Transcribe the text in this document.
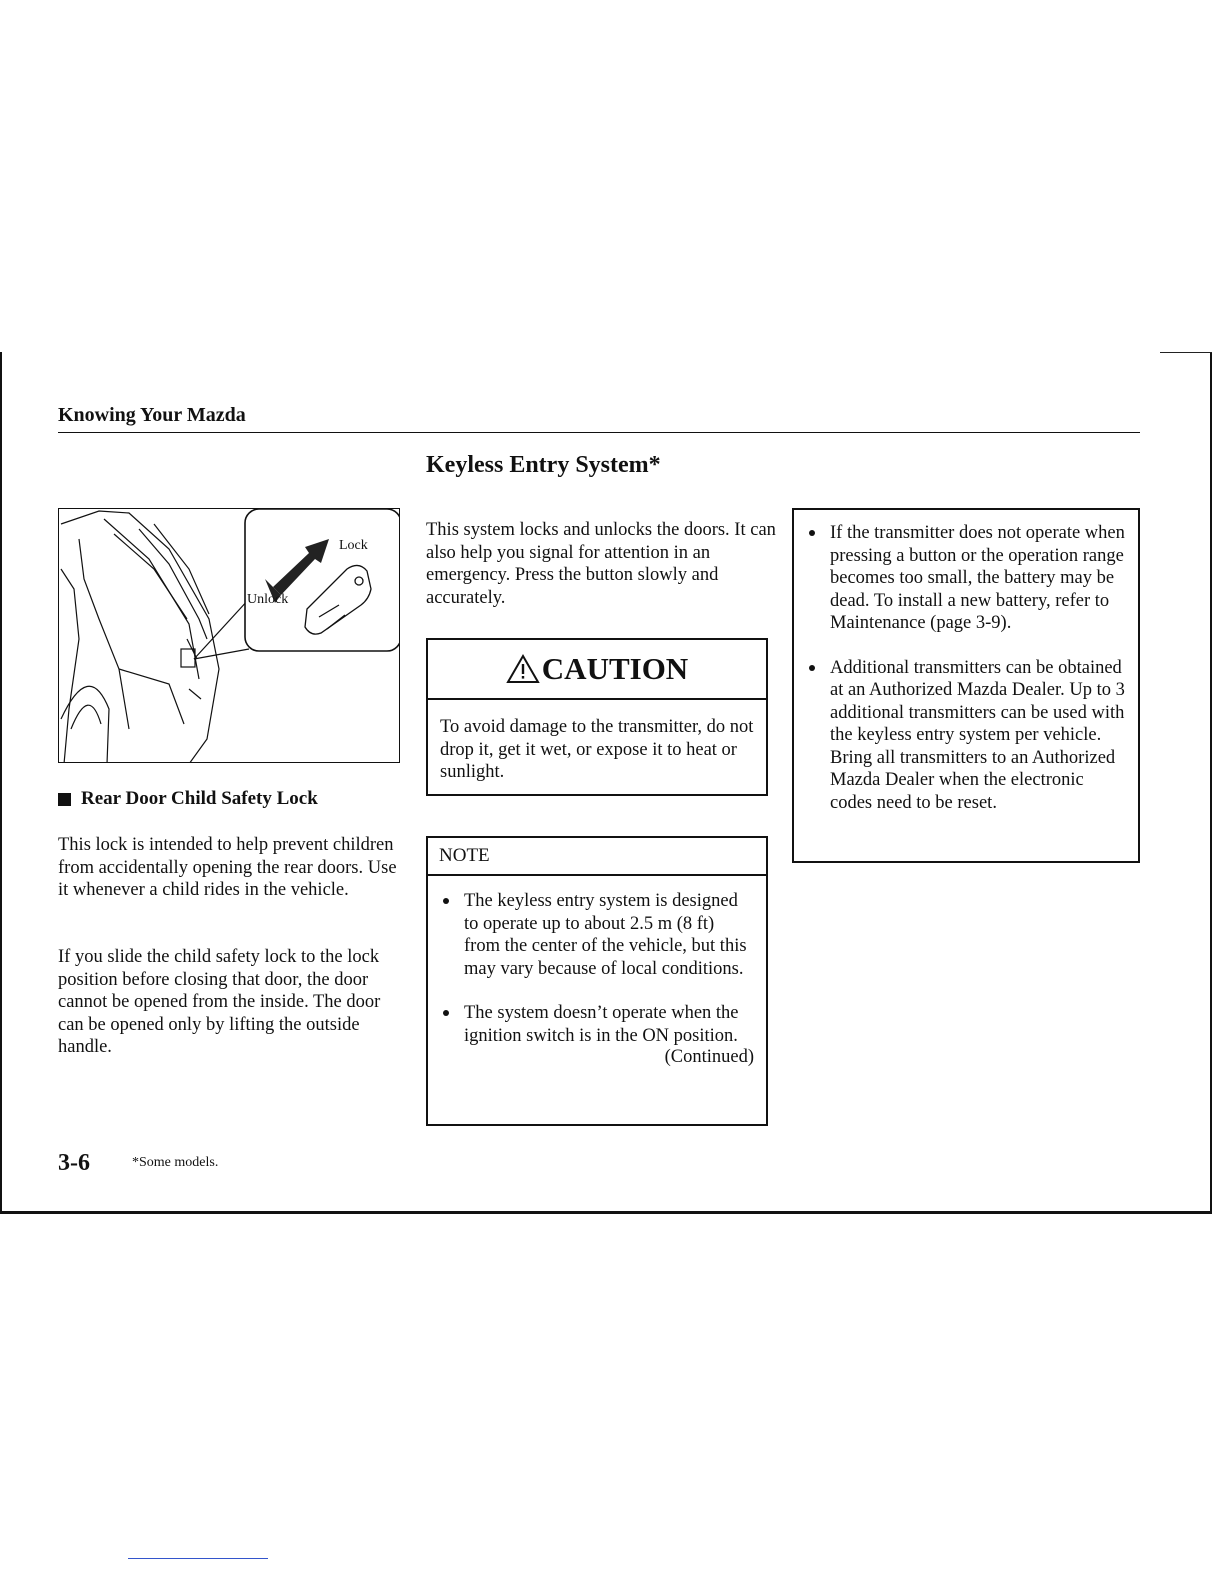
Knowing Your Mazda
Keyless Entry System*
Lock
Unlock
Rear Door Child Safety Lock

This lock is intended to help prevent children from accidentally opening the rear doors. Use it whenever a child rides in the vehicle.

If you slide the child safety lock to the lock position before closing that door, the door cannot be opened from the inside. The door can be opened only by lifting the outside handle.

This system locks and unlocks the doors. It can also help you signal for attention in an emergency. Press the button slowly and accurately.

CAUTION

To avoid damage to the transmitter, do not drop it, get it wet, or expose it to heat or sunlight.

NOTE
The keyless entry system is designed to operate up to about 2.5 m (8 ft) from the center of the vehicle, but this may vary because of local conditions.
The system doesn’t operate when the ignition switch is in the ON position.
(Continued)
If the transmitter does not operate when pressing a button or the operation range becomes too small, the battery may be dead. To install a new battery, refer to Maintenance (page 3-9).
Additional transmitters can be obtained at an Authorized Mazda Dealer. Up to 3 additional transmitters can be used with the keyless entry system per vehicle. Bring all transmitters to an Authorized Mazda Dealer when the electronic codes need to be reset.
3-6	*Some models.
